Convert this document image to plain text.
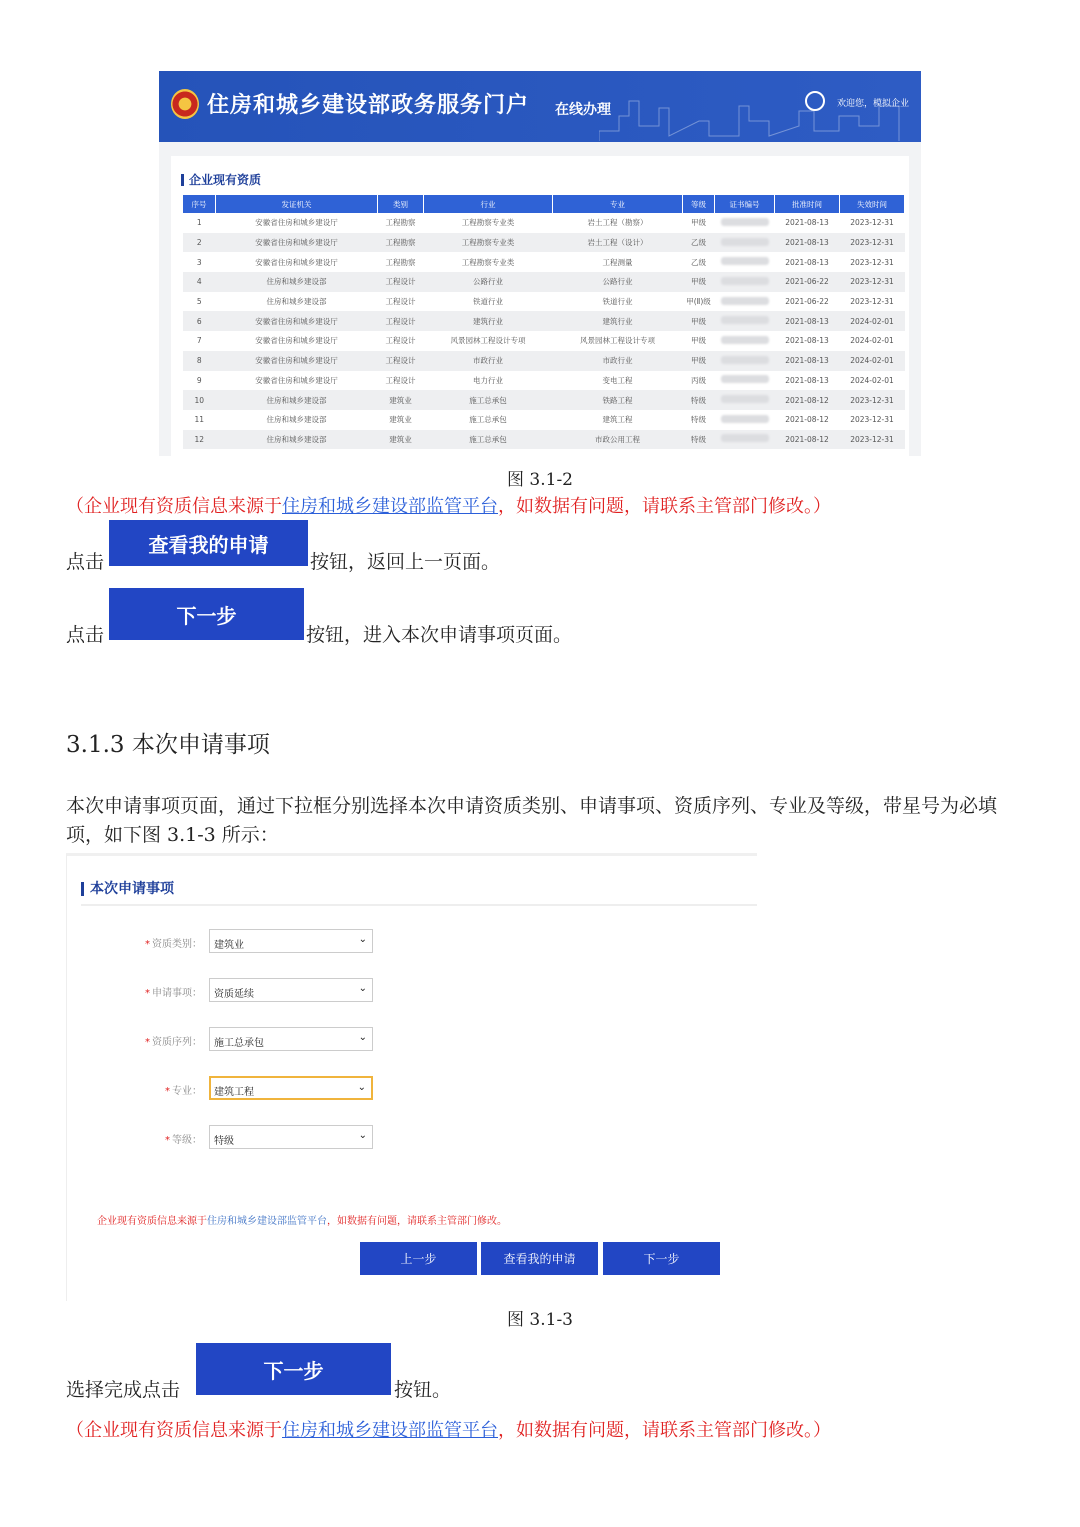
住房和城乡建设部政务服务门户 在线办理	欢迎您，模拟企业
企业现有资质
序号	发证机关	类别	行业	专业	等级	证书编号	批准时间	失效时间
1	安徽省住房和城乡建设厅	工程勘察	工程勘察专业类	岩土工程（勘察）	甲级		2021-08-13	2023-12-31
2	安徽省住房和城乡建设厅	工程勘察	工程勘察专业类	岩土工程（设计）	乙级		2021-08-13	2023-12-31
3	安徽省住房和城乡建设厅	工程勘察	工程勘察专业类	工程测量	乙级		2021-08-13	2023-12-31
4	住房和城乡建设部	工程设计	公路行业	公路行业	甲级		2021-06-22	2023-12-31
5	住房和城乡建设部	工程设计	铁道行业	铁道行业	甲(Ⅱ)级		2021-06-22	2023-12-31
6	安徽省住房和城乡建设厅	工程设计	建筑行业	建筑行业	甲级		2021-08-13	2024-02-01
7	安徽省住房和城乡建设厅	工程设计	风景园林工程设计专项	风景园林工程设计专项	甲级		2021-08-13	2024-02-01
8	安徽省住房和城乡建设厅	工程设计	市政行业	市政行业	甲级		2021-08-13	2024-02-01
9	安徽省住房和城乡建设厅	工程设计	电力行业	变电工程	丙级		2021-08-13	2024-02-01
10	住房和城乡建设部	建筑业	施工总承包	铁路工程	特级		2021-08-12	2023-12-31
11	住房和城乡建设部	建筑业	施工总承包	建筑工程	特级		2021-08-12	2023-12-31
12	住房和城乡建设部	建筑业	施工总承包	市政公用工程	特级		2021-08-12	2023-12-31
图 3.1-2
（企业现有资质信息来源于住房和城乡建设部监管平台，如数据有问题，请联系主管部门修改。）
点击
查看我的申请
按钮，返回上一页面。
点击
下一步
按钮，进入本次申请事项页面。
3.1.3 本次申请事项
本次申请事项页面，通过下拉框分别选择本次申请资质类别、申请事项、资质序列、专业及等级，带星号为必填项，如下图 3.1-3 所示：
本次申请事项
* 资质类别：	建筑业
⌄
* 申请事项：	资质延续
⌄
* 资质序列：	施工总承包
⌄
* 专业：	建筑工程	⌄
* 等级：	特级
⌄
企业现有资质信息来源于住房和城乡建设部监管平台，如数据有问题，请联系主管部门修改。
上一步	查看我的申请	下一步
图 3.1-3
选择完成点击
下一步
按钮。
（企业现有资质信息来源于住房和城乡建设部监管平台，如数据有问题，请联系主管部门修改。）
